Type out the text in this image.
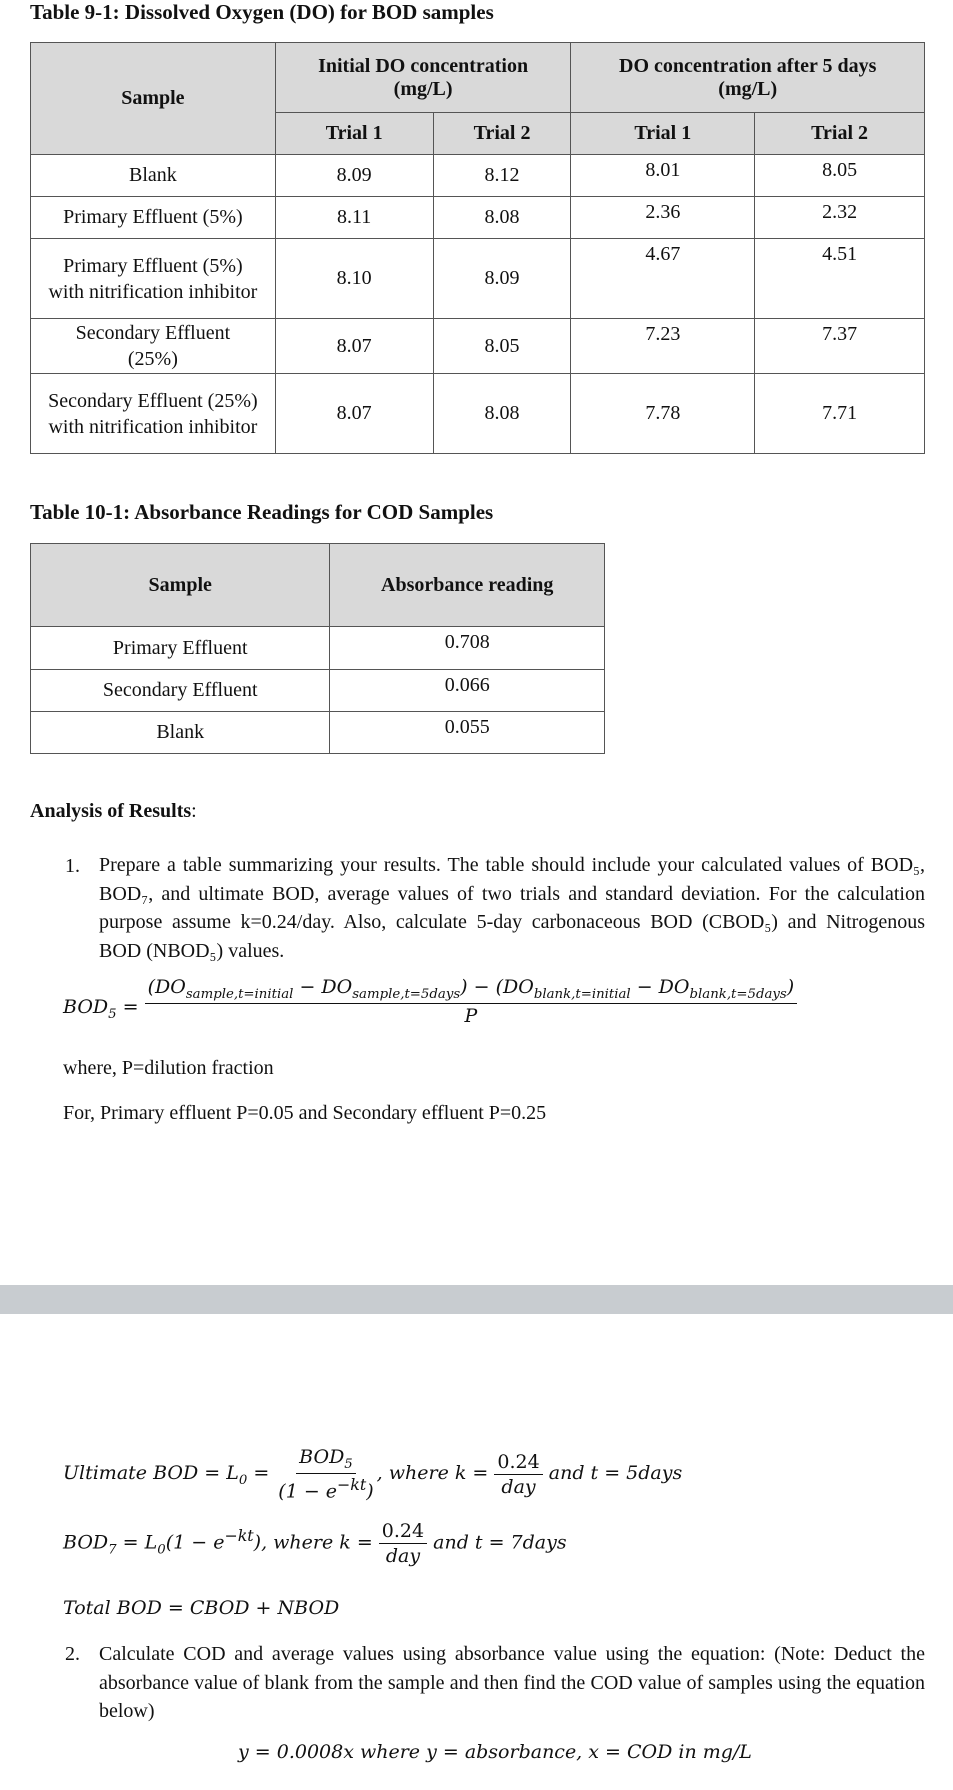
Table 9-1: Dissolved Oxygen (DO) for BOD samples
Sample	Initial DO concentration (mg/L)		DO concentration after 5 days (mg/L)	
	Trial 1	Trial 2	Trial 1	Trial 2
Blank	8.09	8.12	8.01	8.05
Primary Effluent (5%)	8.11	8.08	2.36	2.32
Primary Effluent (5%) with nitrification inhibitor	8.10	8.09	4.67	4.51
Secondary Effluent (25%)	8.07	8.05	7.23	7.37
Secondary Effluent (25%) with nitrification inhibitor	8.07	8.08	7.78	7.71
Table 10-1: Absorbance Readings for COD Samples
Sample	Absorbance reading
Primary Effluent	0.708
Secondary Effluent	0.066
Blank	0.055
Analysis of Results:
1. Prepare a table summarizing your results. The table should include your calculated values of BOD₅, BOD₇, and ultimate BOD, average values of two trials and standard deviation. For the calculation purpose assume k=0.24/day. Also, calculate 5-day carbonaceous BOD (CBOD₅) and Nitrogenous BOD (NBOD₅) values.
$BOD_5$ =
$(DO_{sample,t=initial} - DO_{sample,t=5days}) - (DO_{blank,t=initial} - DO_{blank,t=5days})$
P
where, P=dilution fraction
For, Primary effluent P=0.05 and Secondary effluent P=0.25
Ultimate BOD = $L_0 = \frac{BOD_5}{(1 - e^{-kt})}$ , where $k = \frac{0.24}{\text{day}}$ and t = 5days
$BOD_7 = L_0(1 - e^{-kt})$, where $k = \frac{0.24}{\text{day}}$ and t = 7days
Total BOD = CBOD + NBOD
2. Calculate COD and average values using absorbance value using the equation: (Note: Deduct the absorbance value of blank from the sample and then find the COD value of samples using the equation below)
y = 0.0008x where y = absorbance, x = COD in mg/L
